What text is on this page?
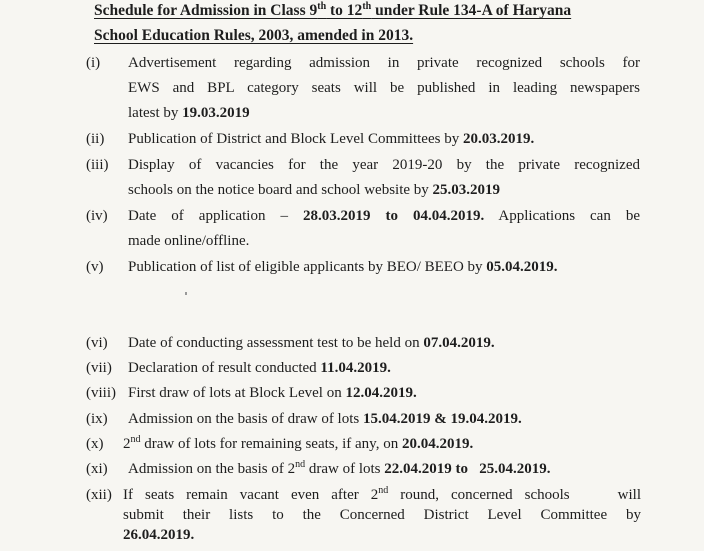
Schedule for Admission in Class 9th to 12th under Rule 134-A of Haryana
School Education Rules, 2003, amended in 2013.
(i) Advertisement regarding admission in private recognized schools for
EWS and BPL category seats will be published in leading newspapers
latest by 19.03.2019
(ii) Publication of District and Block Level Committees by 20.03.2019.
(iii) Display of vacancies for the year 2019-20 by the private recognized
schools on the notice board and school website by 25.03.2019
(iv) Date of application – 28.03.2019 to 04.04.2019. Applications can be
made online/offline.
(v) Publication of list of eligible applicants by BEO/ BEEO by 05.04.2019.
(vi) Date of conducting assessment test to be held on 07.04.2019.
(vii) Declaration of result conducted 11.04.2019.
(viii) First draw of lots at Block Level on 12.04.2019.
(ix) Admission on the basis of draw of lots 15.04.2019 & 19.04.2019.
(x) 2nd draw of lots for remaining seats, if any, on 20.04.2019.
(xi) Admission on the basis of 2nd draw of lots 22.04.2019 to   25.04.2019.
(xii) If seats remain vacant even after 2nd round, concerned schools    will
submit their lists to the Concerned District Level Committee by
26.04.2019.
